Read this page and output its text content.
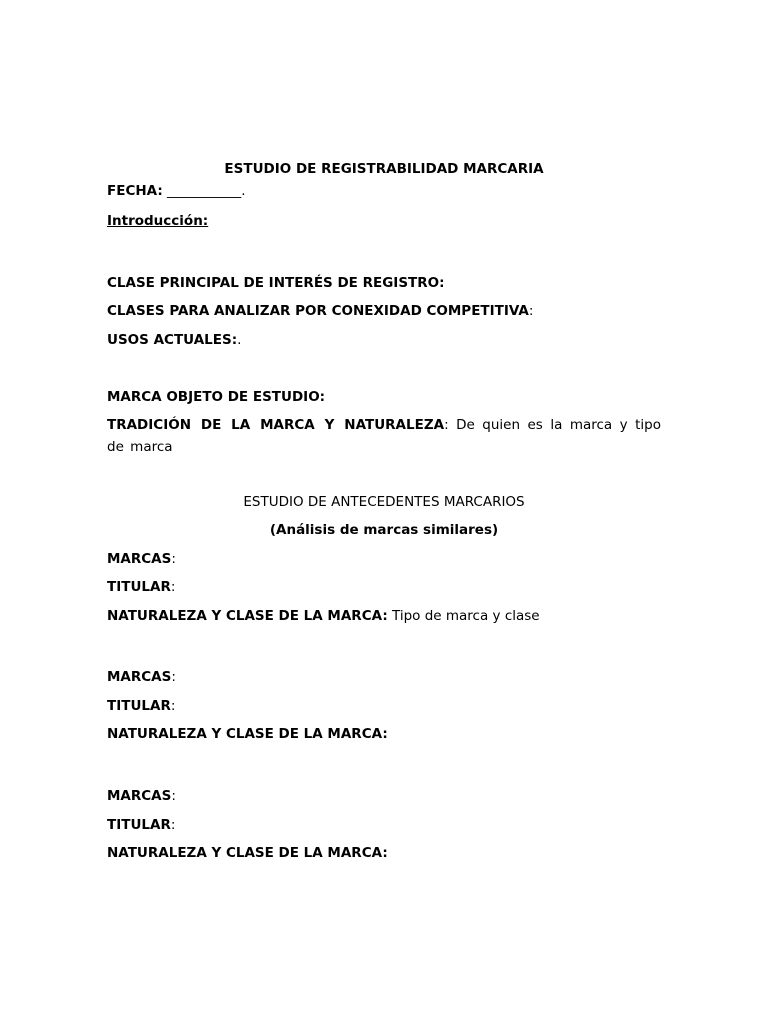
ESTUDIO DE REGISTRABILIDAD MARCARIA
FECHA: ___________.
Introducción:
CLASE PRINCIPAL DE INTERÉS DE REGISTRO:
CLASES PARA ANALIZAR POR CONEXIDAD COMPETITIVA:
USOS ACTUALES:.
MARCA OBJETO DE ESTUDIO:
TRADICIÓN DE LA MARCA Y NATURALEZA: De quien es la marca y tipo de marca
ESTUDIO DE ANTECEDENTES MARCARIOS
(Análisis de marcas similares)
MARCAS:
TITULAR:
NATURALEZA Y CLASE DE LA MARCA: Tipo de marca y clase
MARCAS:
TITULAR:
NATURALEZA Y CLASE DE LA MARCA:
MARCAS:
TITULAR:
NATURALEZA Y CLASE DE LA MARCA:
